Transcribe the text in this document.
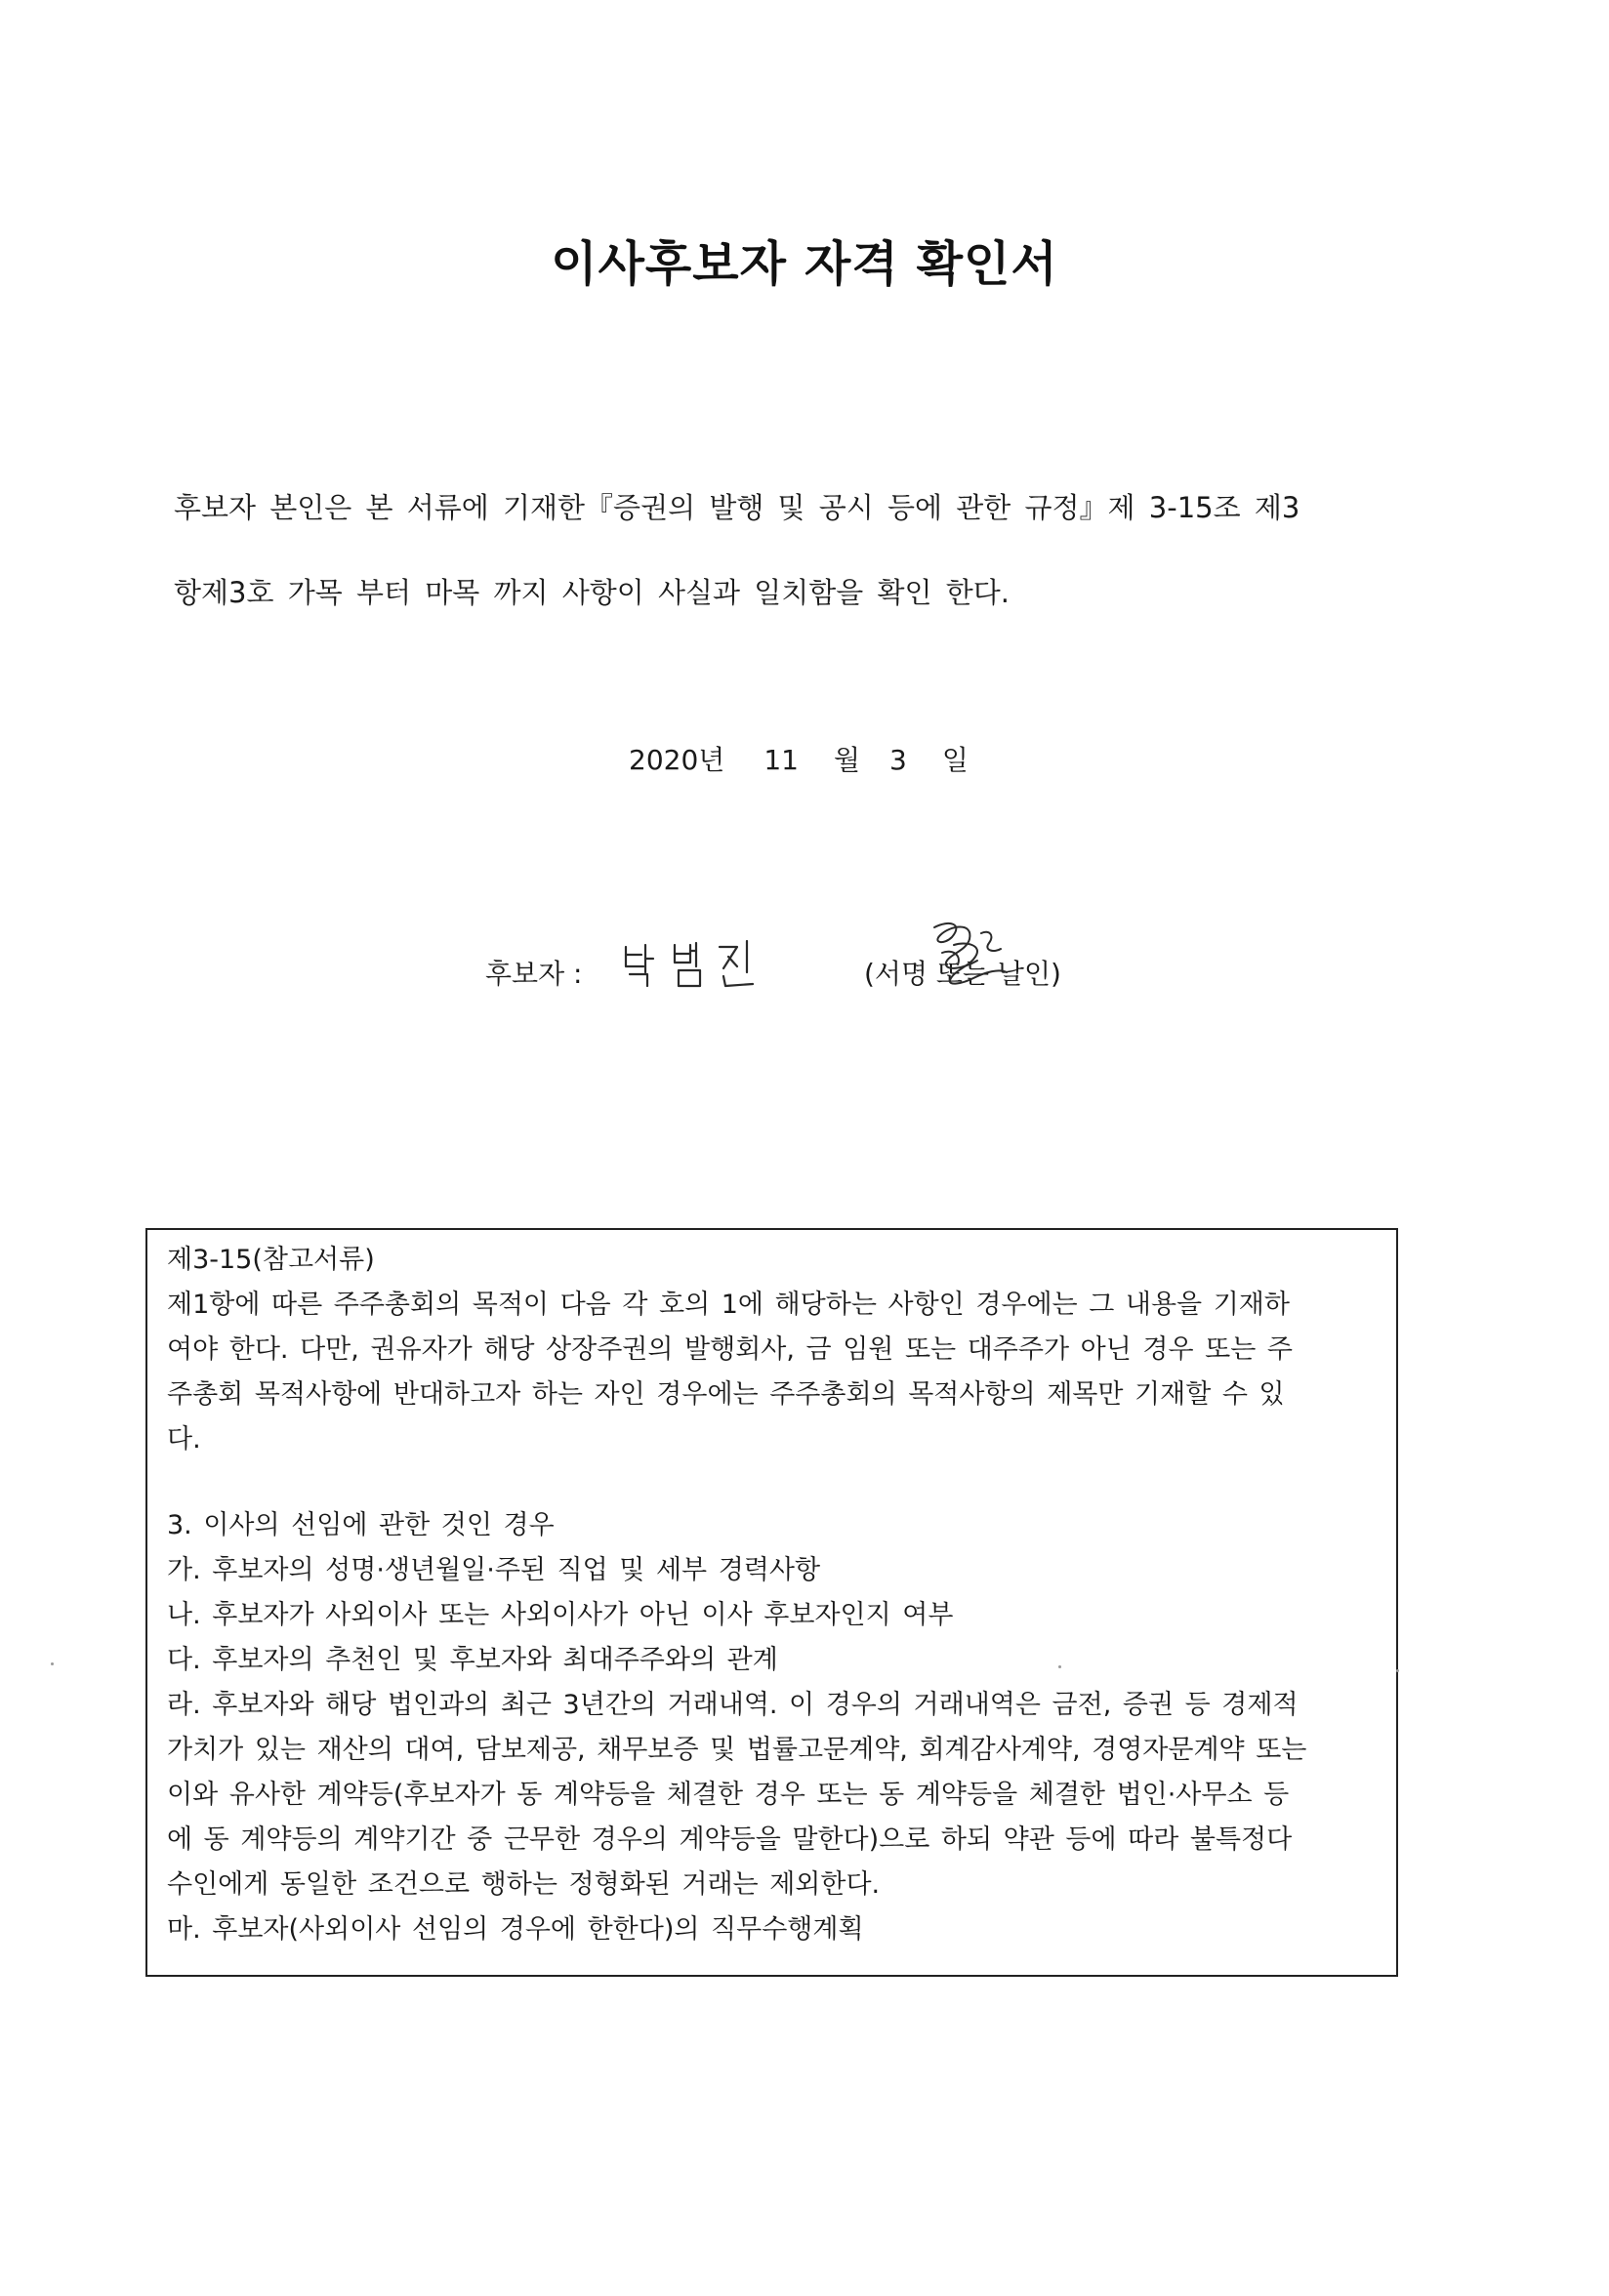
이사후보자 자격 확인서
후보자 본인은 본 서류에 기재한『증권의 발행 및 공시 등에 관한 규정』제 3-15조 제3
항제3호 가목 부터 마목 까지 사항이 사실과 일치함을 확인 한다.
2020년 11 월 3 일
후보자 :	(서명 또는 날인)
제3-15(참고서류)
제1항에 따른 주주총회의 목적이 다음 각 호의 1에 해당하는 사항인 경우에는 그 내용을 기재하
여야 한다. 다만, 권유자가 해당 상장주권의 발행회사, 금 임원 또는 대주주가 아닌 경우 또는 주
주총회 목적사항에 반대하고자 하는 자인 경우에는 주주총회의 목적사항의 제목만 기재할 수 있
다.
3. 이사의 선임에 관한 것인 경우
가. 후보자의 성명·생년월일·주된 직업 및 세부 경력사항
나. 후보자가 사외이사 또는 사외이사가 아닌 이사 후보자인지 여부
다. 후보자의 추천인 및 후보자와 최대주주와의 관계
라. 후보자와 해당 법인과의 최근 3년간의 거래내역. 이 경우의 거래내역은 금전, 증권 등 경제적
가치가 있는 재산의 대여, 담보제공, 채무보증 및 법률고문계약, 회계감사계약, 경영자문계약 또는
이와 유사한 계약등(후보자가 동 계약등을 체결한 경우 또는 동 계약등을 체결한 법인·사무소 등
에 동 계약등의 계약기간 중 근무한 경우의 계약등을 말한다)으로 하되 약관 등에 따라 불특정다
수인에게 동일한 조건으로 행하는 정형화된 거래는 제외한다.
마. 후보자(사외이사 선임의 경우에 한한다)의 직무수행계획
